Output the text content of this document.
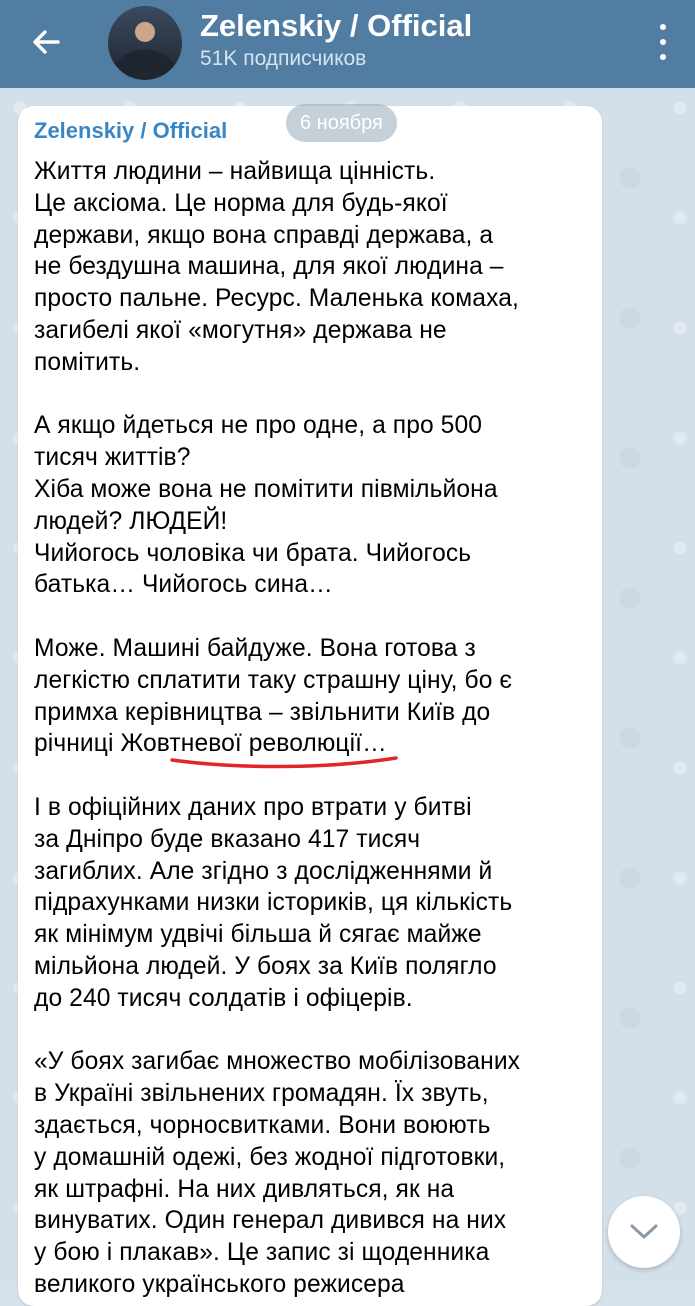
Zelenskiy / Official
51K подписчиков
Zelenskiy / Official

Життя людини – найвища цінність.

Це аксіома. Це норма для будь-якої

держави, якщо вона справді держава, а

не бездушна машина, для якої людина –

просто пальне. Ресурс. Маленька комаха,

загибелі якої «могутня» держава не

помітить.

А якщо йдеться не про одне, а про 500

тисяч життів?

Хіба може вона не помітити півмільйона

людей? ЛЮДЕЙ!

Чийогось чоловіка чи брата. Чийогось

батька… Чийогось сина…

Може. Машині байдуже. Вона готова з

легкістю сплатити таку страшну ціну, бо є

примха керівництва – звільнити Київ до

річниці Жовтневої революції…

І в офіційних даних про втрати у битві

за Дніпро буде вказано 417 тисяч

загиблих. Але згідно з дослідженнями й

підрахунками низки істориків, ця кількість

як мінімум удвічі більша й сягає майже

мільйона людей. У боях за Київ полягло

до 240 тисяч солдатів і офіцерів.

«У боях загибає множество мобілізованих

в Україні звільнених громадян. Їх звуть,

здається, чорносвитками. Вони воюють

у домашній одежі, без жодної підготовки,

як штрафні. На них дивляться, як на

винуватих. Один генерал дивився на них

у бою і плакав». Це запис зі щоденника

великого українського режисера

6 ноября
